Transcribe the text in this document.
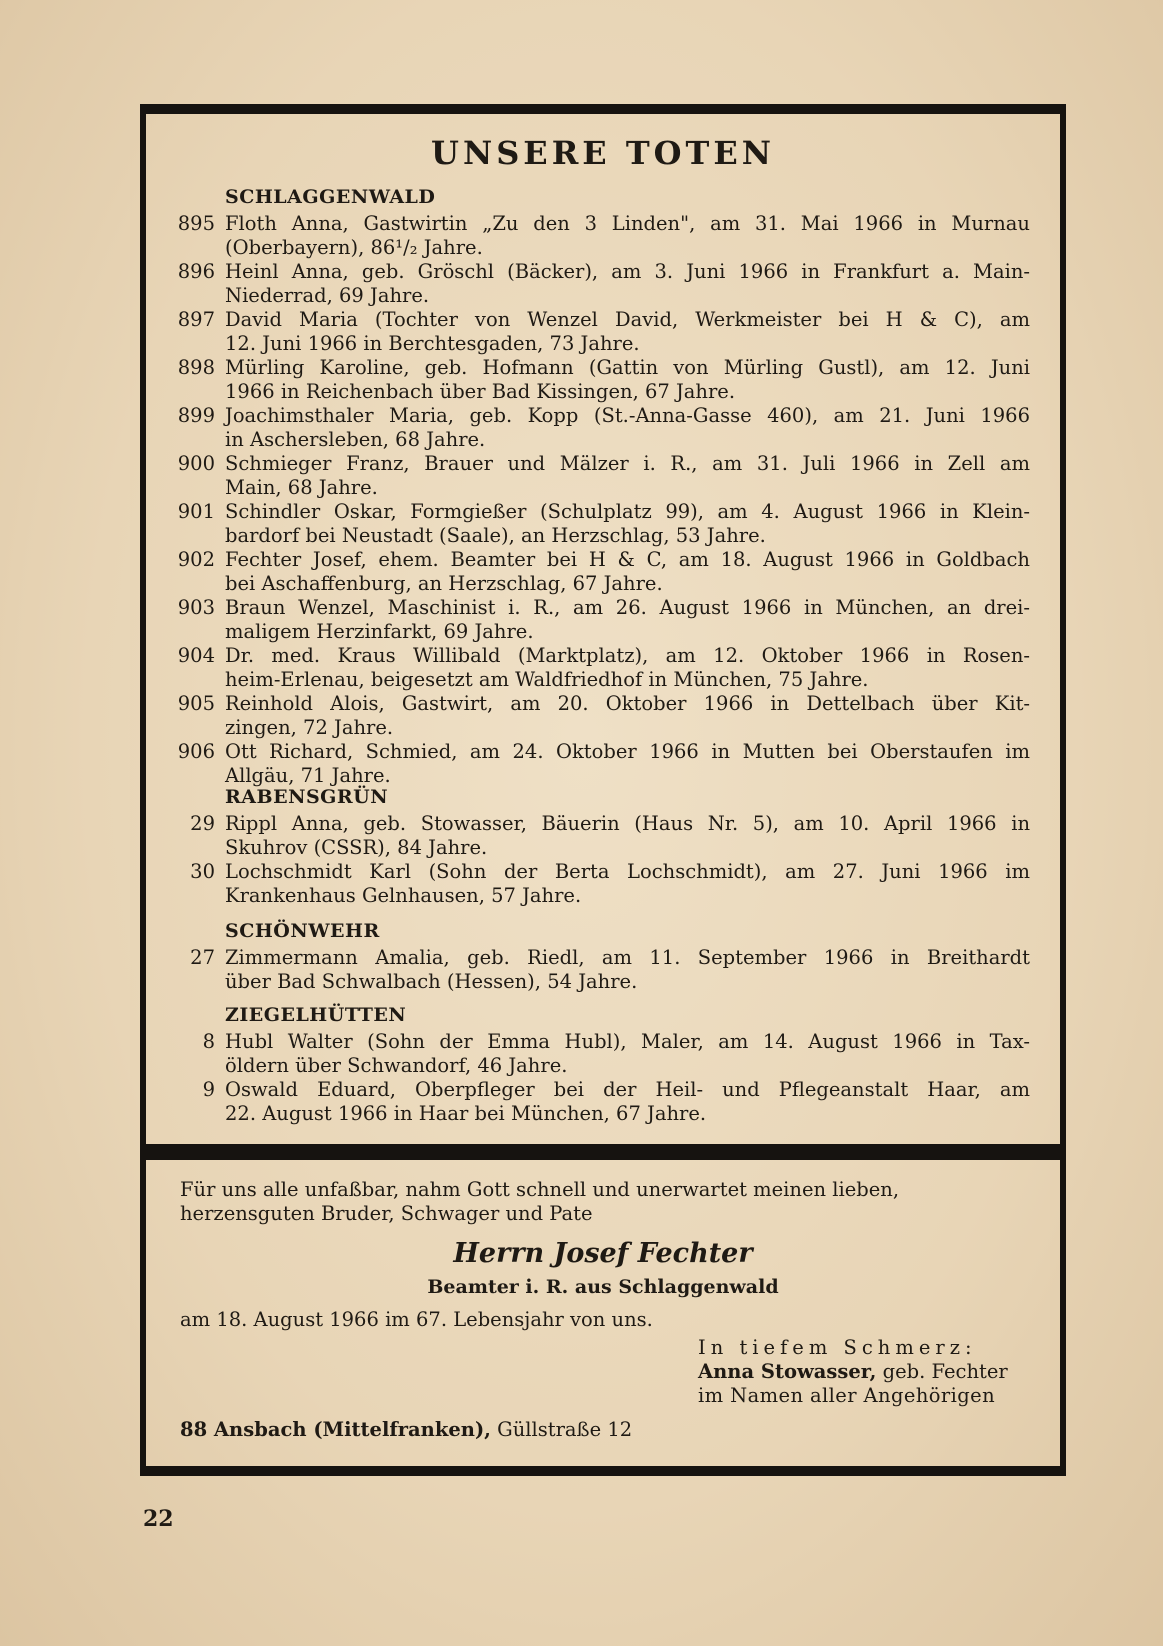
UNSERE TOTEN
SCHLAGGENWALD
895 Floth Anna, Gastwirtin „Zu den 3 Linden", am 31. Mai 1966 in Murnau
(Oberbayern), 86¹/₂ Jahre.
896 Heinl Anna, geb. Gröschl (Bäcker), am 3. Juni 1966 in Frankfurt a. Main-
Niederrad, 69 Jahre.
897 David Maria (Tochter von Wenzel David, Werkmeister bei H & C), am
12. Juni 1966 in Berchtesgaden, 73 Jahre.
898 Mürling Karoline, geb. Hofmann (Gattin von Mürling Gustl), am 12. Juni
1966 in Reichenbach über Bad Kissingen, 67 Jahre.
899 Joachimsthaler Maria, geb. Kopp (St.-Anna-Gasse 460), am 21. Juni 1966
in Aschersleben, 68 Jahre.
900 Schmieger Franz, Brauer und Mälzer i. R., am 31. Juli 1966 in Zell am
Main, 68 Jahre.
901 Schindler Oskar, Formgießer (Schulplatz 99), am 4. August 1966 in Klein-
bardorf bei Neustadt (Saale), an Herzschlag, 53 Jahre.
902 Fechter Josef, ehem. Beamter bei H & C, am 18. August 1966 in Goldbach
bei Aschaffenburg, an Herzschlag, 67 Jahre.
903 Braun Wenzel, Maschinist i. R., am 26. August 1966 in München, an drei-
maligem Herzinfarkt, 69 Jahre.
904 Dr. med. Kraus Willibald (Marktplatz), am 12. Oktober 1966 in Rosen-
heim-Erlenau, beigesetzt am Waldfriedhof in München, 75 Jahre.
905 Reinhold Alois, Gastwirt, am 20. Oktober 1966 in Dettelbach über Kit-
zingen, 72 Jahre.
906 Ott Richard, Schmied, am 24. Oktober 1966 in Mutten bei Oberstaufen im
Allgäu, 71 Jahre.
RABENSGRÜN
29 Rippl Anna, geb. Stowasser, Bäuerin (Haus Nr. 5), am 10. April 1966 in
Skuhrov (CSSR), 84 Jahre.
30 Lochschmidt Karl (Sohn der Berta Lochschmidt), am 27. Juni 1966 im
Krankenhaus Gelnhausen, 57 Jahre.
SCHÖNWEHR
27 Zimmermann Amalia, geb. Riedl, am 11. September 1966 in Breithardt
über Bad Schwalbach (Hessen), 54 Jahre.
ZIEGELHÜTTEN
8 Hubl Walter (Sohn der Emma Hubl), Maler, am 14. August 1966 in Tax-
öldern über Schwandorf, 46 Jahre.
9 Oswald Eduard, Oberpfleger bei der Heil- und Pflegeanstalt Haar, am
22. August 1966 in Haar bei München, 67 Jahre.
Für uns alle unfaßbar, nahm Gott schnell und unerwartet meinen lieben,
herzensguten Bruder, Schwager und Pate
Herrn Josef Fechter
Beamter i. R. aus Schlaggenwald
am 18. August 1966 im 67. Lebensjahr von uns.
In tiefem Schmerz:
Anna Stowasser, geb. Fechter
im Namen aller Angehörigen
88 Ansbach (Mittelfranken), Güllstraße 12
22
